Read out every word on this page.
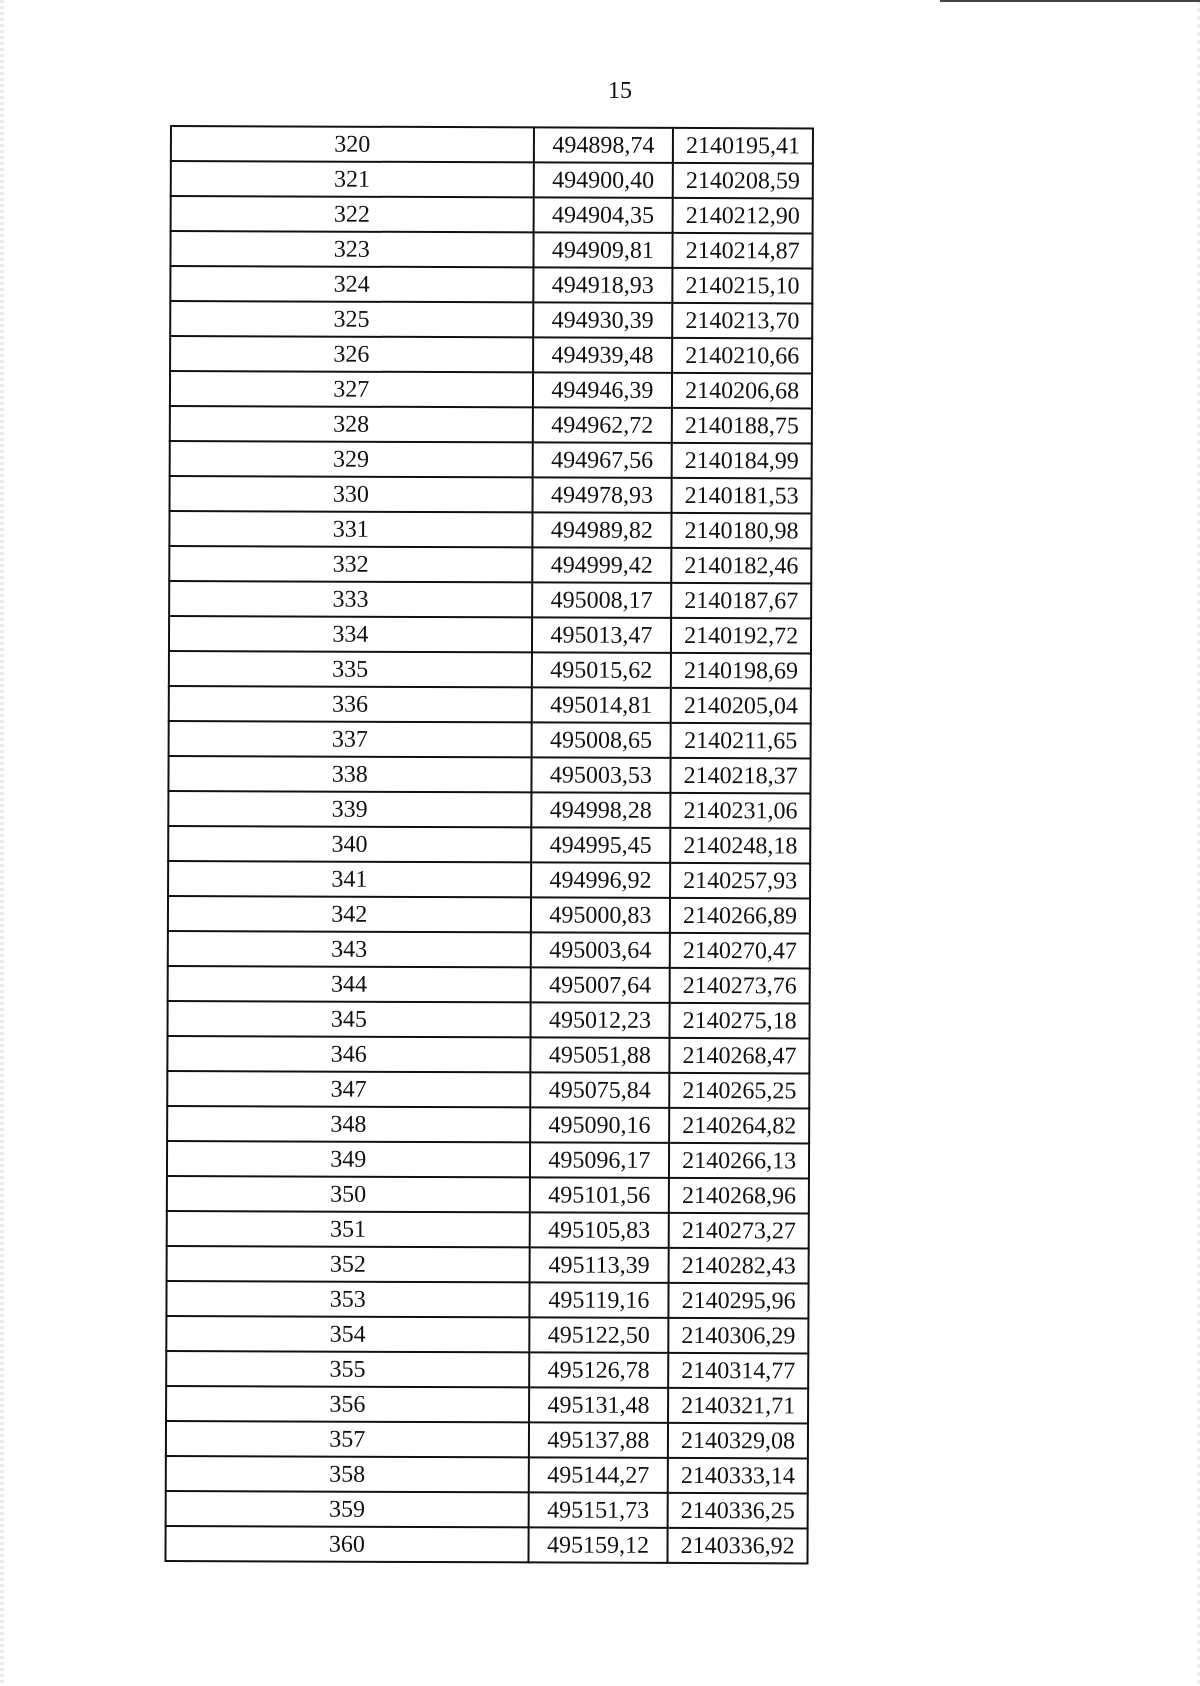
15
320	494898,74	2140195,41
321	494900,40	2140208,59
322	494904,35	2140212,90
323	494909,81	2140214,87
324	494918,93	2140215,10
325	494930,39	2140213,70
326	494939,48	2140210,66
327	494946,39	2140206,68
328	494962,72	2140188,75
329	494967,56	2140184,99
330	494978,93	2140181,53
331	494989,82	2140180,98
332	494999,42	2140182,46
333	495008,17	2140187,67
334	495013,47	2140192,72
335	495015,62	2140198,69
336	495014,81	2140205,04
337	495008,65	2140211,65
338	495003,53	2140218,37
339	494998,28	2140231,06
340	494995,45	2140248,18
341	494996,92	2140257,93
342	495000,83	2140266,89
343	495003,64	2140270,47
344	495007,64	2140273,76
345	495012,23	2140275,18
346	495051,88	2140268,47
347	495075,84	2140265,25
348	495090,16	2140264,82
349	495096,17	2140266,13
350	495101,56	2140268,96
351	495105,83	2140273,27
352	495113,39	2140282,43
353	495119,16	2140295,96
354	495122,50	2140306,29
355	495126,78	2140314,77
356	495131,48	2140321,71
357	495137,88	2140329,08
358	495144,27	2140333,14
359	495151,73	2140336,25
360	495159,12	2140336,92
